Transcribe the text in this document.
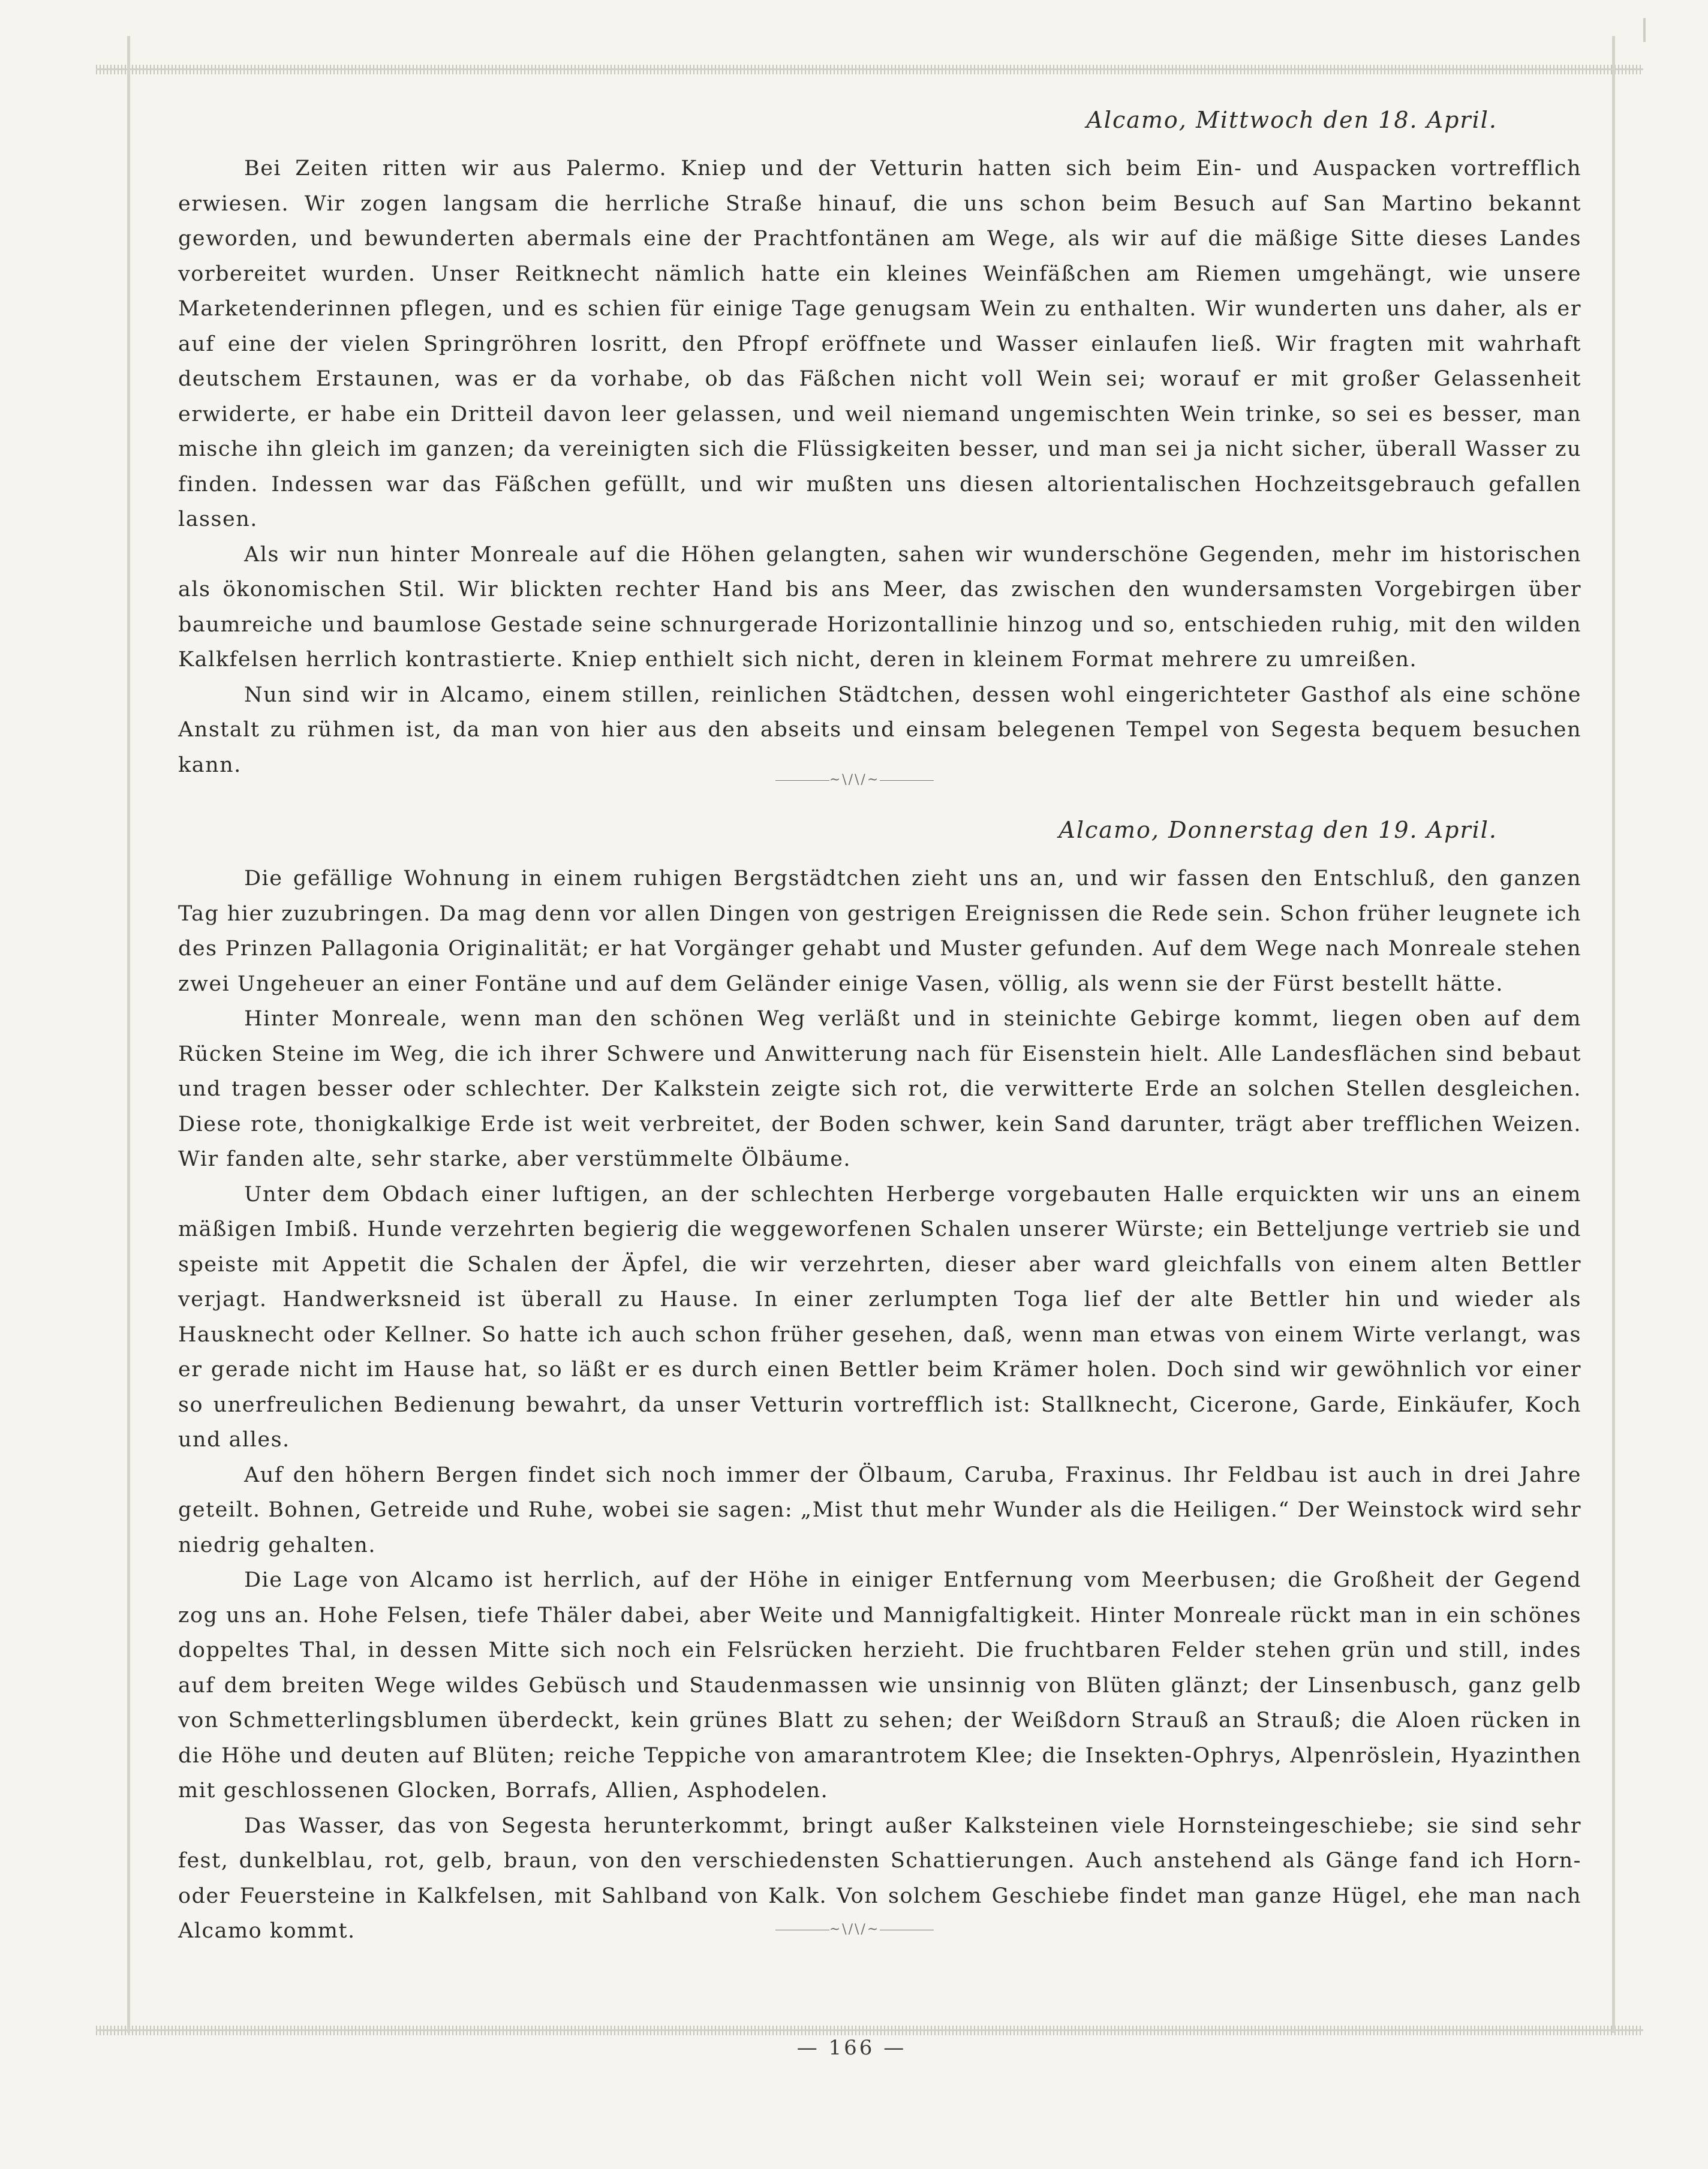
Alcamo, Mittwoch den 18. April.

Bei Zeiten ritten wir aus Palermo. Kniep und der Vetturin hatten sich beim Ein- und Auspacken vortrefflich erwiesen. Wir zogen langsam die herrliche Straße hinauf, die uns schon beim Besuch auf San Martino bekannt geworden, und bewunderten abermals eine der Prachtfontänen am Wege, als wir auf die mäßige Sitte dieses Landes vorbereitet wurden. Unser Reitknecht nämlich hatte ein kleines Weinfäßchen am Riemen umgehängt, wie unsere Marketenderinnen pflegen, und es schien für einige Tage genugsam Wein zu enthalten. Wir wunderten uns daher, als er auf eine der vielen Springröhren losritt, den Pfropf eröffnete und Wasser einlaufen ließ. Wir fragten mit wahrhaft deutschem Erstaunen, was er da vorhabe, ob das Fäßchen nicht voll Wein sei; worauf er mit großer Gelassenheit erwiderte, er habe ein Dritteil davon leer gelassen, und weil niemand ungemischten Wein trinke, so sei es besser, man mische ihn gleich im ganzen; da vereinigten sich die Flüssigkeiten besser, und man sei ja nicht sicher, überall Wasser zu finden. Indessen war das Fäßchen gefüllt, und wir mußten uns diesen altorientalischen Hochzeitsgebrauch gefallen lassen.

Als wir nun hinter Monreale auf die Höhen gelangten, sahen wir wunderschöne Gegenden, mehr im historischen als ökonomischen Stil. Wir blickten rechter Hand bis ans Meer, das zwischen den wundersamsten Vorgebirgen über baumreiche und baumlose Gestade seine schnurgerade Horizontallinie hinzog und so, entschieden ruhig, mit den wilden Kalkfelsen herrlich kontrastierte. Kniep enthielt sich nicht, deren in kleinem Format mehrere zu umreißen.

Nun sind wir in Alcamo, einem stillen, reinlichen Städtchen, dessen wohl eingerichteter Gasthof als eine schöne Anstalt zu rühmen ist, da man von hier aus den abseits und einsam belegenen Tempel von Segesta bequem besuchen kann.

~\/\/~
Alcamo, Donnerstag den 19. April.

Die gefällige Wohnung in einem ruhigen Bergstädtchen zieht uns an, und wir fassen den Entschluß, den ganzen Tag hier zuzubringen. Da mag denn vor allen Dingen von gestrigen Ereignissen die Rede sein. Schon früher leugnete ich des Prinzen Pallagonia Originalität; er hat Vorgänger gehabt und Muster gefunden. Auf dem Wege nach Monreale stehen zwei Ungeheuer an einer Fontäne und auf dem Geländer einige Vasen, völlig, als wenn sie der Fürst bestellt hätte.

Hinter Monreale, wenn man den schönen Weg verläßt und in steinichte Gebirge kommt, liegen oben auf dem Rücken Steine im Weg, die ich ihrer Schwere und Anwitterung nach für Eisenstein hielt. Alle Landesflächen sind bebaut und tragen besser oder schlechter. Der Kalkstein zeigte sich rot, die verwitterte Erde an solchen Stellen desgleichen. Diese rote, thonigkalkige Erde ist weit verbreitet, der Boden schwer, kein Sand darunter, trägt aber trefflichen Weizen. Wir fanden alte, sehr starke, aber verstümmelte Ölbäume.

Unter dem Obdach einer luftigen, an der schlechten Herberge vorgebauten Halle erquickten wir uns an einem mäßigen Imbiß. Hunde verzehrten begierig die weggeworfenen Schalen unserer Würste; ein Betteljunge vertrieb sie und speiste mit Appetit die Schalen der Äpfel, die wir verzehrten, dieser aber ward gleichfalls von einem alten Bettler verjagt. Handwerksneid ist überall zu Hause. In einer zerlumpten Toga lief der alte Bettler hin und wieder als Hausknecht oder Kellner. So hatte ich auch schon früher gesehen, daß, wenn man etwas von einem Wirte verlangt, was er gerade nicht im Hause hat, so läßt er es durch einen Bettler beim Krämer holen. Doch sind wir gewöhnlich vor einer so unerfreulichen Bedienung bewahrt, da unser Vetturin vortrefflich ist: Stallknecht, Cicerone, Garde, Einkäufer, Koch und alles.

Auf den höhern Bergen findet sich noch immer der Ölbaum, Caruba, Fraxinus. Ihr Feldbau ist auch in drei Jahre geteilt. Bohnen, Getreide und Ruhe, wobei sie sagen: „Mist thut mehr Wunder als die Heiligen.“ Der Weinstock wird sehr niedrig gehalten.

Die Lage von Alcamo ist herrlich, auf der Höhe in einiger Entfernung vom Meerbusen; die Großheit der Gegend zog uns an. Hohe Felsen, tiefe Thäler dabei, aber Weite und Mannigfaltigkeit. Hinter Monreale rückt man in ein schönes doppeltes Thal, in dessen Mitte sich noch ein Felsrücken herzieht. Die fruchtbaren Felder stehen grün und still, indes auf dem breiten Wege wildes Gebüsch und Staudenmassen wie unsinnig von Blüten glänzt; der Linsenbusch, ganz gelb von Schmetterlingsblumen überdeckt, kein grünes Blatt zu sehen; der Weißdorn Strauß an Strauß; die Aloen rücken in die Höhe und deuten auf Blüten; reiche Teppiche von amarantrotem Klee; die Insekten-Ophrys, Alpenröslein, Hyazinthen mit geschlossenen Glocken, Borrafs, Allien, Asphodelen.

Das Wasser, das von Segesta herunterkommt, bringt außer Kalksteinen viele Hornsteingeschiebe; sie sind sehr fest, dunkelblau, rot, gelb, braun, von den verschiedensten Schattierungen. Auch anstehend als Gänge fand ich Horn- oder Feuersteine in Kalkfelsen, mit Sahlband von Kalk. Von solchem Geschiebe findet man ganze Hügel, ehe man nach Alcamo kommt.	~\/\/~
— 166 —
